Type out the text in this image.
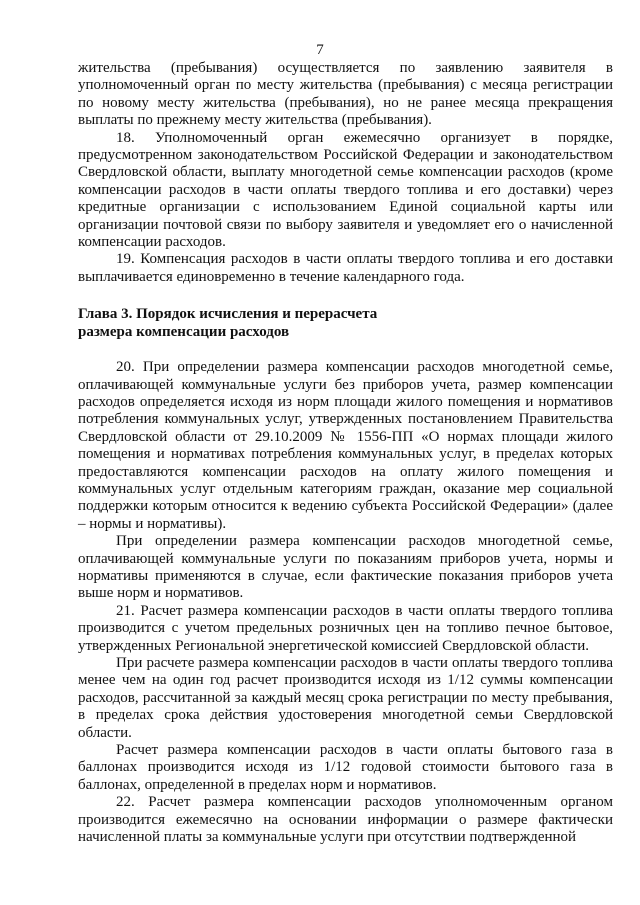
7

жительства (пребывания) осуществляется по заявлению заявителя в уполномоченный орган по месту жительства (пребывания) с месяца регистрации по новому месту жительства (пребывания), но не ранее месяца прекращения выплаты по прежнему месту жительства (пребывания).

18. Уполномоченный орган ежемесячно организует в порядке, предусмотренном законодательством Российской Федерации и законодательством Свердловской области, выплату многодетной семье компенсации расходов (кроме компенсации расходов в части оплаты твердого топлива и его доставки) через кредитные организации с использованием Единой социальной карты или организации почтовой связи по выбору заявителя и уведомляет его о начисленной компенсации расходов.

19. Компенсация расходов в части оплаты твердого топлива и его доставки выплачивается единовременно в течение календарного года.

Глава 3. Порядок исчисления и перерасчета

размера компенсации расходов

20. При определении размера компенсации расходов многодетной семье, оплачивающей коммунальные услуги без приборов учета, размер компенсации расходов определяется исходя из норм площади жилого помещения и нормативов потребления коммунальных услуг, утвержденных постановлением Правительства Свердловской области от 29.10.2009 № 1556-ПП «О нормах площади жилого помещения и нормативах потребления коммунальных услуг, в пределах которых предоставляются компенсации расходов на оплату жилого помещения и коммунальных услуг отдельным категориям граждан, оказание мер социальной поддержки которым относится к ведению субъекта Российской Федерации» (далее – нормы и нормативы).

При определении размера компенсации расходов многодетной семье, оплачивающей коммунальные услуги по показаниям приборов учета, нормы и нормативы применяются в случае, если фактические показания приборов учета выше норм и нормативов.

21. Расчет размера компенсации расходов в части оплаты твердого топлива производится с учетом предельных розничных цен на топливо печное бытовое, утвержденных Региональной энергетической комиссией Свердловской области.

При расчете размера компенсации расходов в части оплаты твердого топлива менее чем на один год расчет производится исходя из 1/12 суммы компенсации расходов, рассчитанной за каждый месяц срока регистрации по месту пребывания, в пределах срока действия удостоверения многодетной семьи Свердловской области.

Расчет размера компенсации расходов в части оплаты бытового газа в баллонах производится исходя из 1/12 годовой стоимости бытового газа в баллонах, определенной в пределах норм и нормативов.

22. Расчет размера компенсации расходов уполномоченным органом производится ежемесячно на основании информации о размере фактически начисленной платы за коммунальные услуги при отсутствии подтвержденной
